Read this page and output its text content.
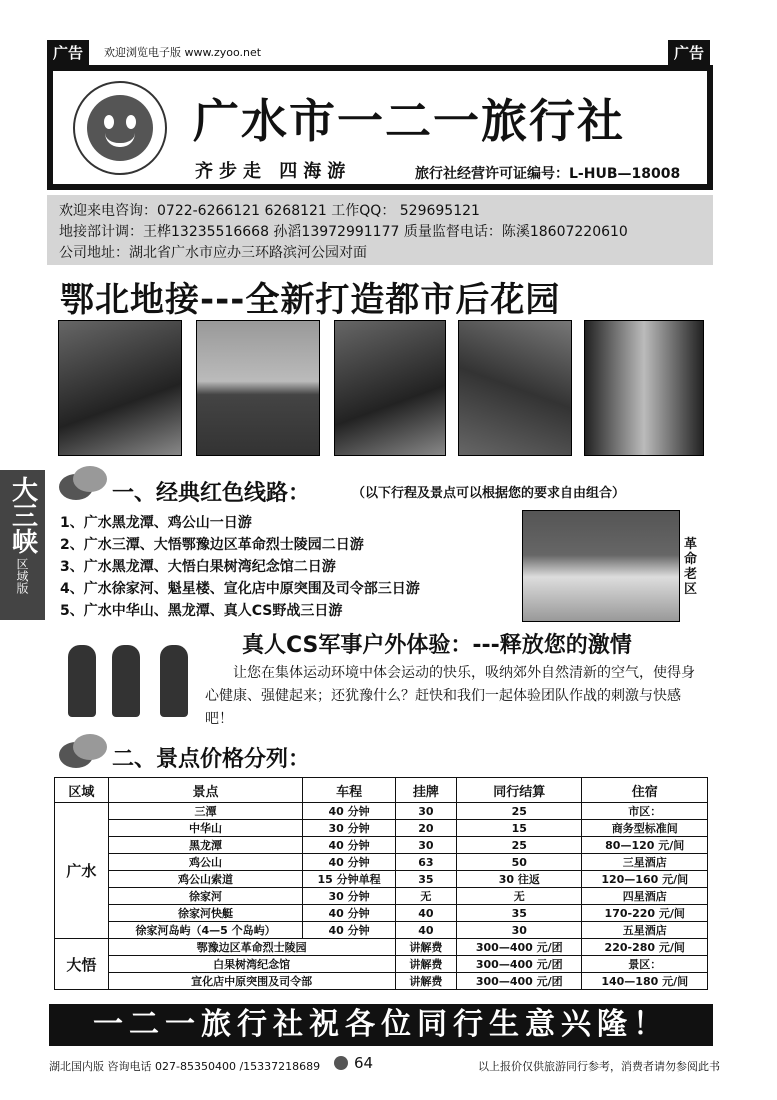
广告	欢迎浏览电子版 www.zyoo.net	广告
广水市一二一旅行社
齐步走 四海游	旅行社经营许可证编号：L-HUB—18008
欢迎来电咨询：0722-6266121 6268121 工作QQ： 529695121
地接部计调：王桦13235516668 孙滔13972991177 质量监督电话：陈溪18607220610
公司地址：湖北省广水市应办三环路滨河公园对面
鄂北地接---全新打造都市后花园
大三峡
区域版
一、经典红色线路：	（以下行程及景点可以根据您的要求自由组合）
1、广水黑龙潭、鸡公山一日游
2、广水三潭、大悟鄂豫边区革命烈士陵园二日游
3、广水黑龙潭、大悟白果树湾纪念馆二日游
4、广水徐家河、魁星楼、宣化店中原突围及司令部三日游
5、广水中华山、黑龙潭、真人CS野战三日游
革命老区
真人CS军事户外体验：---释放您的激情
让您在集体运动环境中体会运动的快乐，吸纳郊外自然清新的空气，使得身心健康、强健起来；还犹豫什么？赶快和我们一起体验团队作战的刺激与快感吧！
二、景点价格分列：
区域	景点	车程	挂牌	同行结算	住宿
广水	三潭	40 分钟	30	25	市区：
	中华山	30 分钟	20	15	商务型标准间
	黑龙潭	40 分钟	30	25	80—120 元/间
	鸡公山	40 分钟	63	50	三星酒店
	鸡公山索道	15 分钟单程	35	30 往返	120—160 元/间
	徐家河	30 分钟	无	无	四星酒店
	徐家河快艇	40 分钟	40	35	170-220 元/间
	徐家河岛屿（4—5 个岛屿）	40 分钟	40	30	五星酒店
大悟	鄂豫边区革命烈士陵园		讲解费	300—400 元/团	220-280 元/间
	白果树湾纪念馆		讲解费	300—400 元/团	景区：
	宣化店中原突围及司令部		讲解费	300—400 元/团	140—180 元/间
一二一旅行社祝各位同行生意兴隆！
湖北国内版 咨询电话 027-85350400 /15337218689 64	以上报价仅供旅游同行参考，消费者请勿参阅此书
